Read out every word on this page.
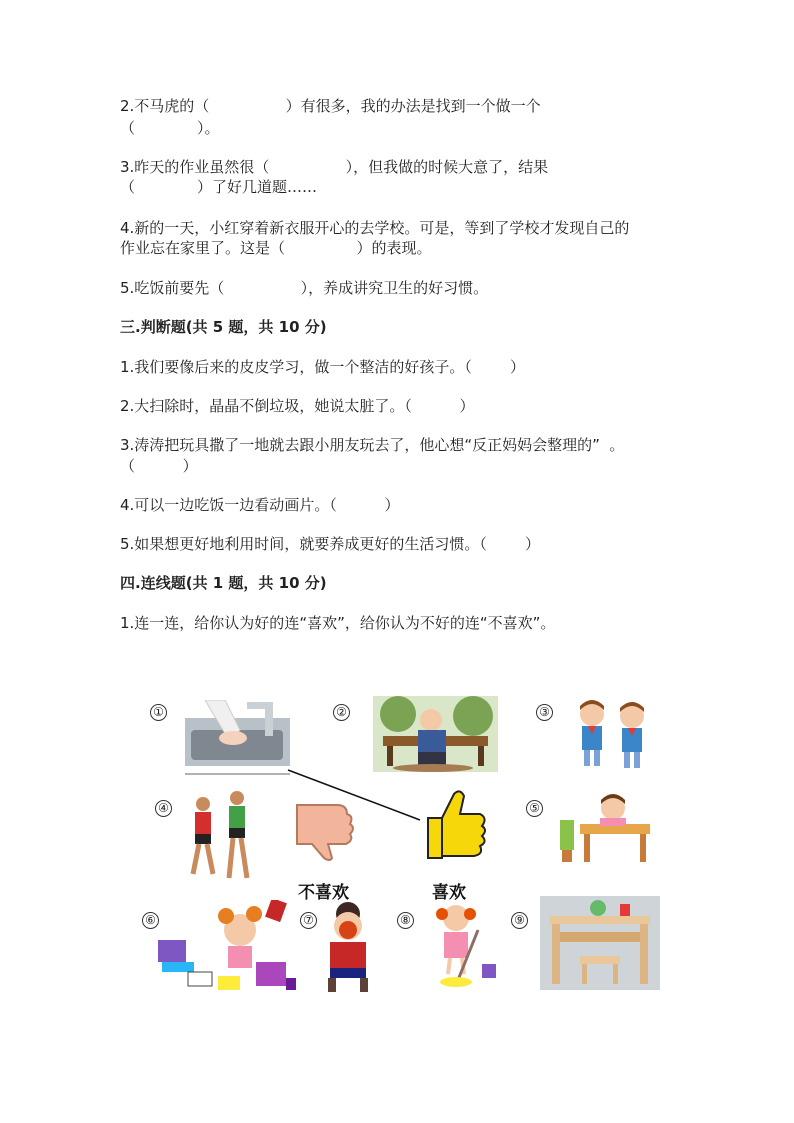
2.不马虎的（                ）有很多，我的办法是找到一个做一个
（             ）。
3.昨天的作业虽然很（                ），但我做的时候大意了，结果
（             ）了好几道题……
4.新的一天，小红穿着新衣服开心的去学校。可是，等到了学校才发现自己的
作业忘在家里了。这是（               ）的表现。
5.吃饭前要先（                ），养成讲究卫生的好习惯。
三.判断题(共 5 题，共 10 分)
1.我们要像后来的皮皮学习，做一个整洁的好孩子。（        ）
2.大扫除时，晶晶不倒垃圾，她说太脏了。（          ）
3.涛涛把玩具撒了一地就去跟小朋友玩去了，他心想“反正妈妈会整理的”  。
（          ）
4.可以一边吃饭一边看动画片。（          ）
5.如果想更好地利用时间，就要养成更好的生活习惯。（        ）
四.连线题(共 1 题，共 10 分)
1.连一连，给你认为好的连“喜欢”，给你认为不好的连“不喜欢”。
①	②	③
④	⑤
不喜欢	喜欢
⑥	⑦	⑧	⑨
